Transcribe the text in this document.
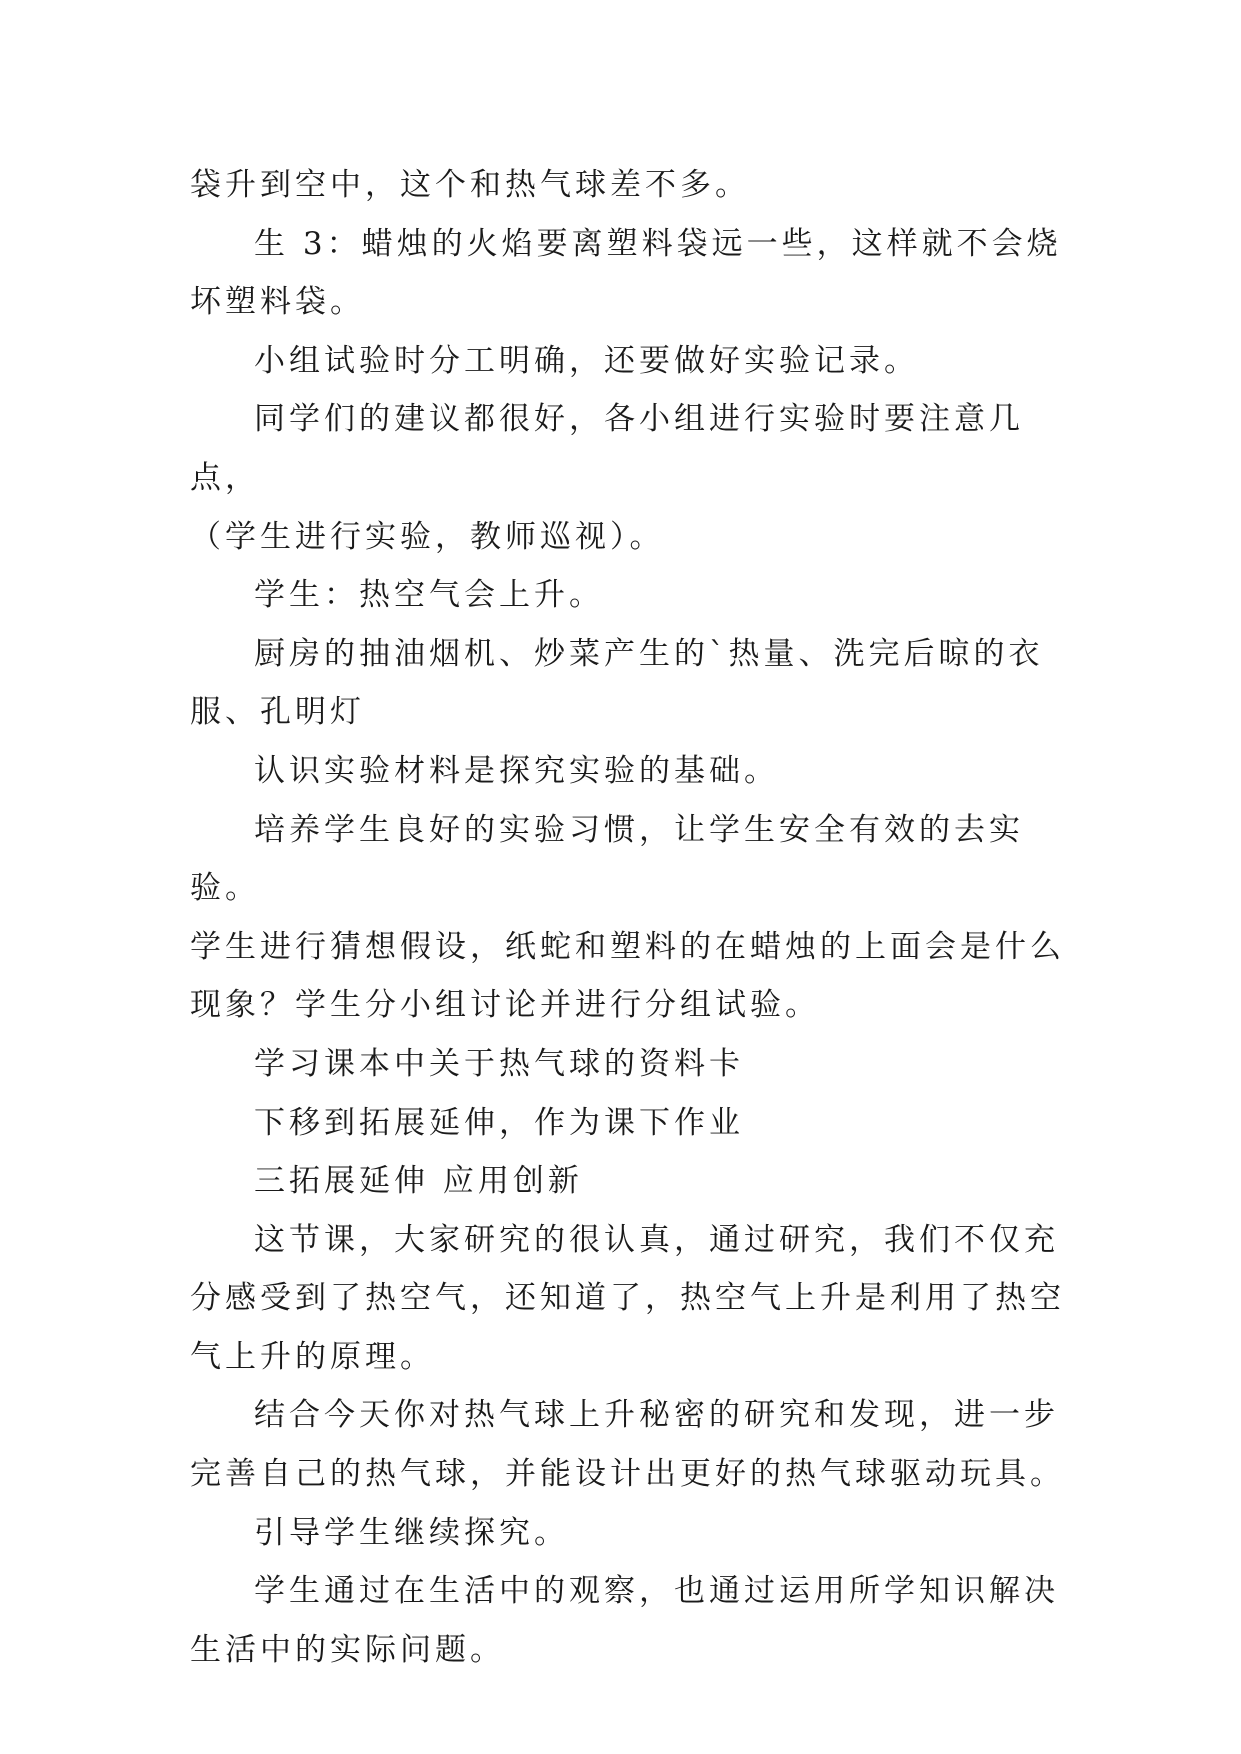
袋升到空中，这个和热气球差不多。

生 3：蜡烛的火焰要离塑料袋远一些，这样就不会烧坏塑料袋。

小组试验时分工明确，还要做好实验记录。

同学们的建议都很好，各小组进行实验时要注意几点，

（学生进行实验，教师巡视）。

学生：热空气会上升。

厨房的抽油烟机、炒菜产生的`热量、洗完后晾的衣服、孔明灯

认识实验材料是探究实验的基础。

培养学生良好的实验习惯，让学生安全有效的去实验。

学生进行猜想假设，纸蛇和塑料的在蜡烛的上面会是什么现象？学生分小组讨论并进行分组试验。

学习课本中关于热气球的资料卡

下移到拓展延伸，作为课下作业

三拓展延伸 应用创新

这节课，大家研究的很认真，通过研究，我们不仅充分感受到了热空气，还知道了，热空气上升是利用了热空气上升的原理。

结合今天你对热气球上升秘密的研究和发现，进一步完善自己的热气球，并能设计出更好的热气球驱动玩具。

引导学生继续探究。

学生通过在生活中的观察，也通过运用所学知识解决生活中的实际问题。
